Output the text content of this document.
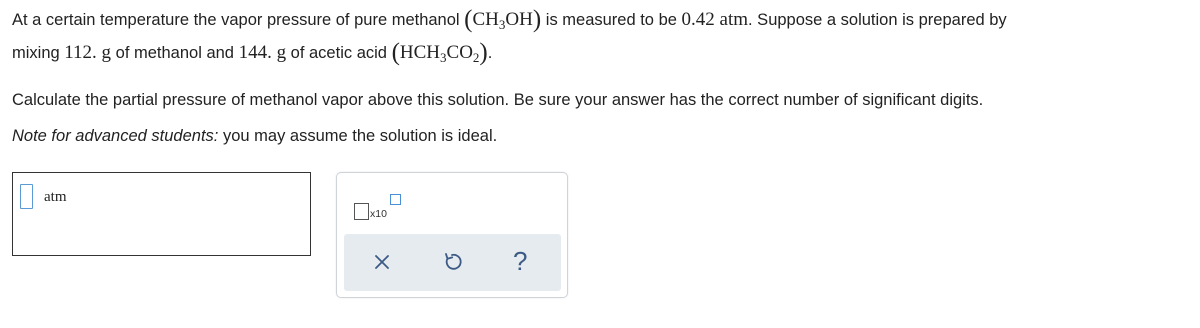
At a certain temperature the vapor pressure of pure methanol $(CH_3OH)$ is measured to be 0.42 atm. Suppose a solution is prepared by
mixing 112. g of methanol and 144. g of acetic acid $(HCH_3CO_2)$.
Calculate the partial pressure of methanol vapor above this solution. Be sure your answer has the correct number of significant digits.
Note for advanced students: you may assume the solution is ideal.
atm
x10
?
